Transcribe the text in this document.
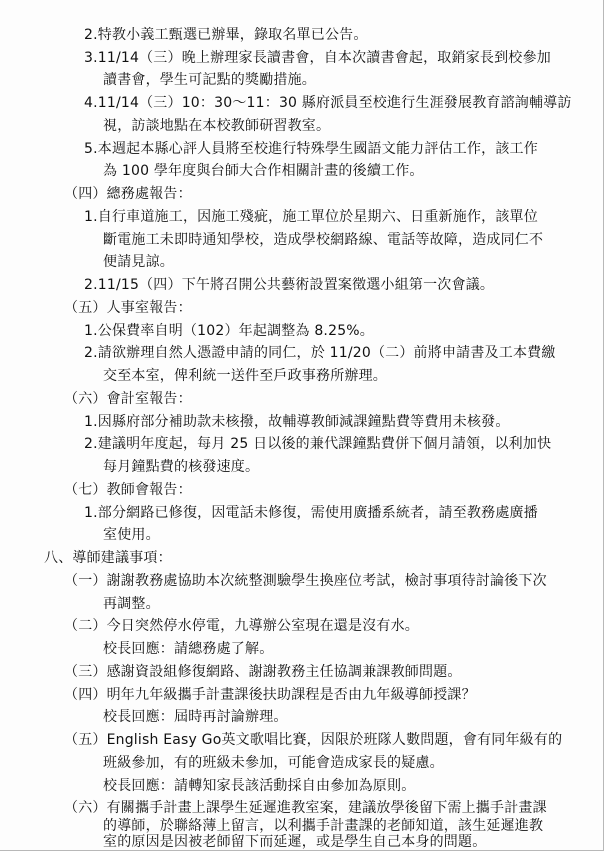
2.特教小義工甄選已辦畢，錄取名單已公告。
3.11/14（三）晚上辦理家長讀書會，自本次讀書會起，取銷家長到校參加
讀書會，學生可記點的獎勵措施。
4.11/14（三）10：30～11：30 縣府派員至校進行生涯發展教育諮詢輔導訪
視，訪談地點在本校教師研習教室。
5.本週起本縣心評人員將至校進行特殊學生國語文能力評估工作，該工作
為 100 學年度與台師大合作相關計畫的後續工作。
（四）總務處報告：
1.自行車道施工，因施工殘疵，施工單位於星期六、日重新施作，該單位
斷電施工未即時通知學校，造成學校網路線、電話等故障，造成同仁不
便請見諒。
2.11/15（四）下午將召開公共藝術設置案徵選小組第一次會議。
（五）人事室報告：
1.公保費率自明（102）年起調整為 8.25%。
2.請欲辦理自然人憑證申請的同仁，於 11/20（二）前將申請書及工本費繳
交至本室，俾利統一送件至戶政事務所辦理。
（六）會計室報告：
1.因縣府部分補助款未核撥，故輔導教師減課鐘點費等費用未核發。
2.建議明年度起，每月 25 日以後的兼代課鐘點費併下個月請領，以利加快
每月鐘點費的核發速度。
（七）教師會報告：
1.部分網路已修復，因電話未修復，需使用廣播系統者，請至教務處廣播
室使用。
八、導師建議事項：
（一）謝謝教務處協助本次統整測驗學生換座位考試，檢討事項待討論後下次
再調整。
（二）今日突然停水停電，九導辦公室現在還是沒有水。
校長回應：請總務處了解。
（三）感謝資設組修復網路、謝謝教務主任協調兼課教師問題。
（四）明年九年級攜手計畫課後扶助課程是否由九年級導師授課？
校長回應：屆時再討論辦理。
（五）English Easy Go英文歌唱比賽，因限於班隊人數問題，會有同年級有的
班級參加，有的班級未參加，可能會造成家長的疑慮。
校長回應：請轉知家長該活動採自由參加為原則。
（六）有關攜手計畫上課學生延遲進教室案，建議放學後留下需上攜手計畫課
的導師，於聯絡薄上留言，以利攜手計畫課的老師知道，該生延遲進教
室的原因是因被老師留下而延遲，或是學生自己本身的問題。
